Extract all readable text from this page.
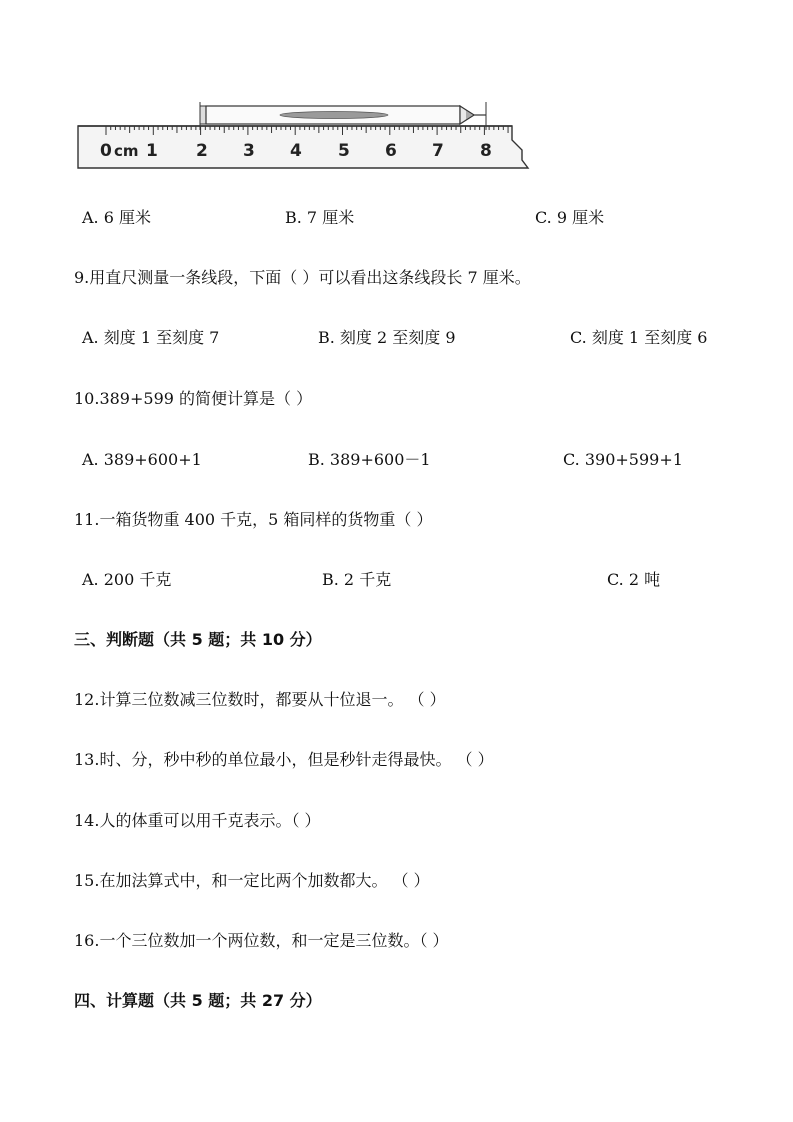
0 cm 1 2 3 4 5 6 7 8
A. 6 厘米	B. 7 厘米	C. 9 厘米
9.用直尺测量一条线段，下面（ ）可以看出这条线段长 7 厘米。
A. 刻度 1 至刻度 7	B. 刻度 2 至刻度 9	C. 刻度 1 至刻度 6
10.389+599 的简便计算是（ ）
A. 389+600+1	B. 389+600－1	C. 390+599+1
11.一箱货物重 400 千克，5 箱同样的货物重（ ）
A. 200 千克	B. 2 千克	C. 2 吨
三、判断题（共 5 题；共 10 分）
12.计算三位数减三位数时，都要从十位退一。 （ ）
13.时、分，秒中秒的单位最小，但是秒针走得最快。 （ ）
14.人的体重可以用千克表示。（ ）
15.在加法算式中，和一定比两个加数都大。 （ ）
16.一个三位数加一个两位数，和一定是三位数。（ ）
四、计算题（共 5 题；共 27 分）
